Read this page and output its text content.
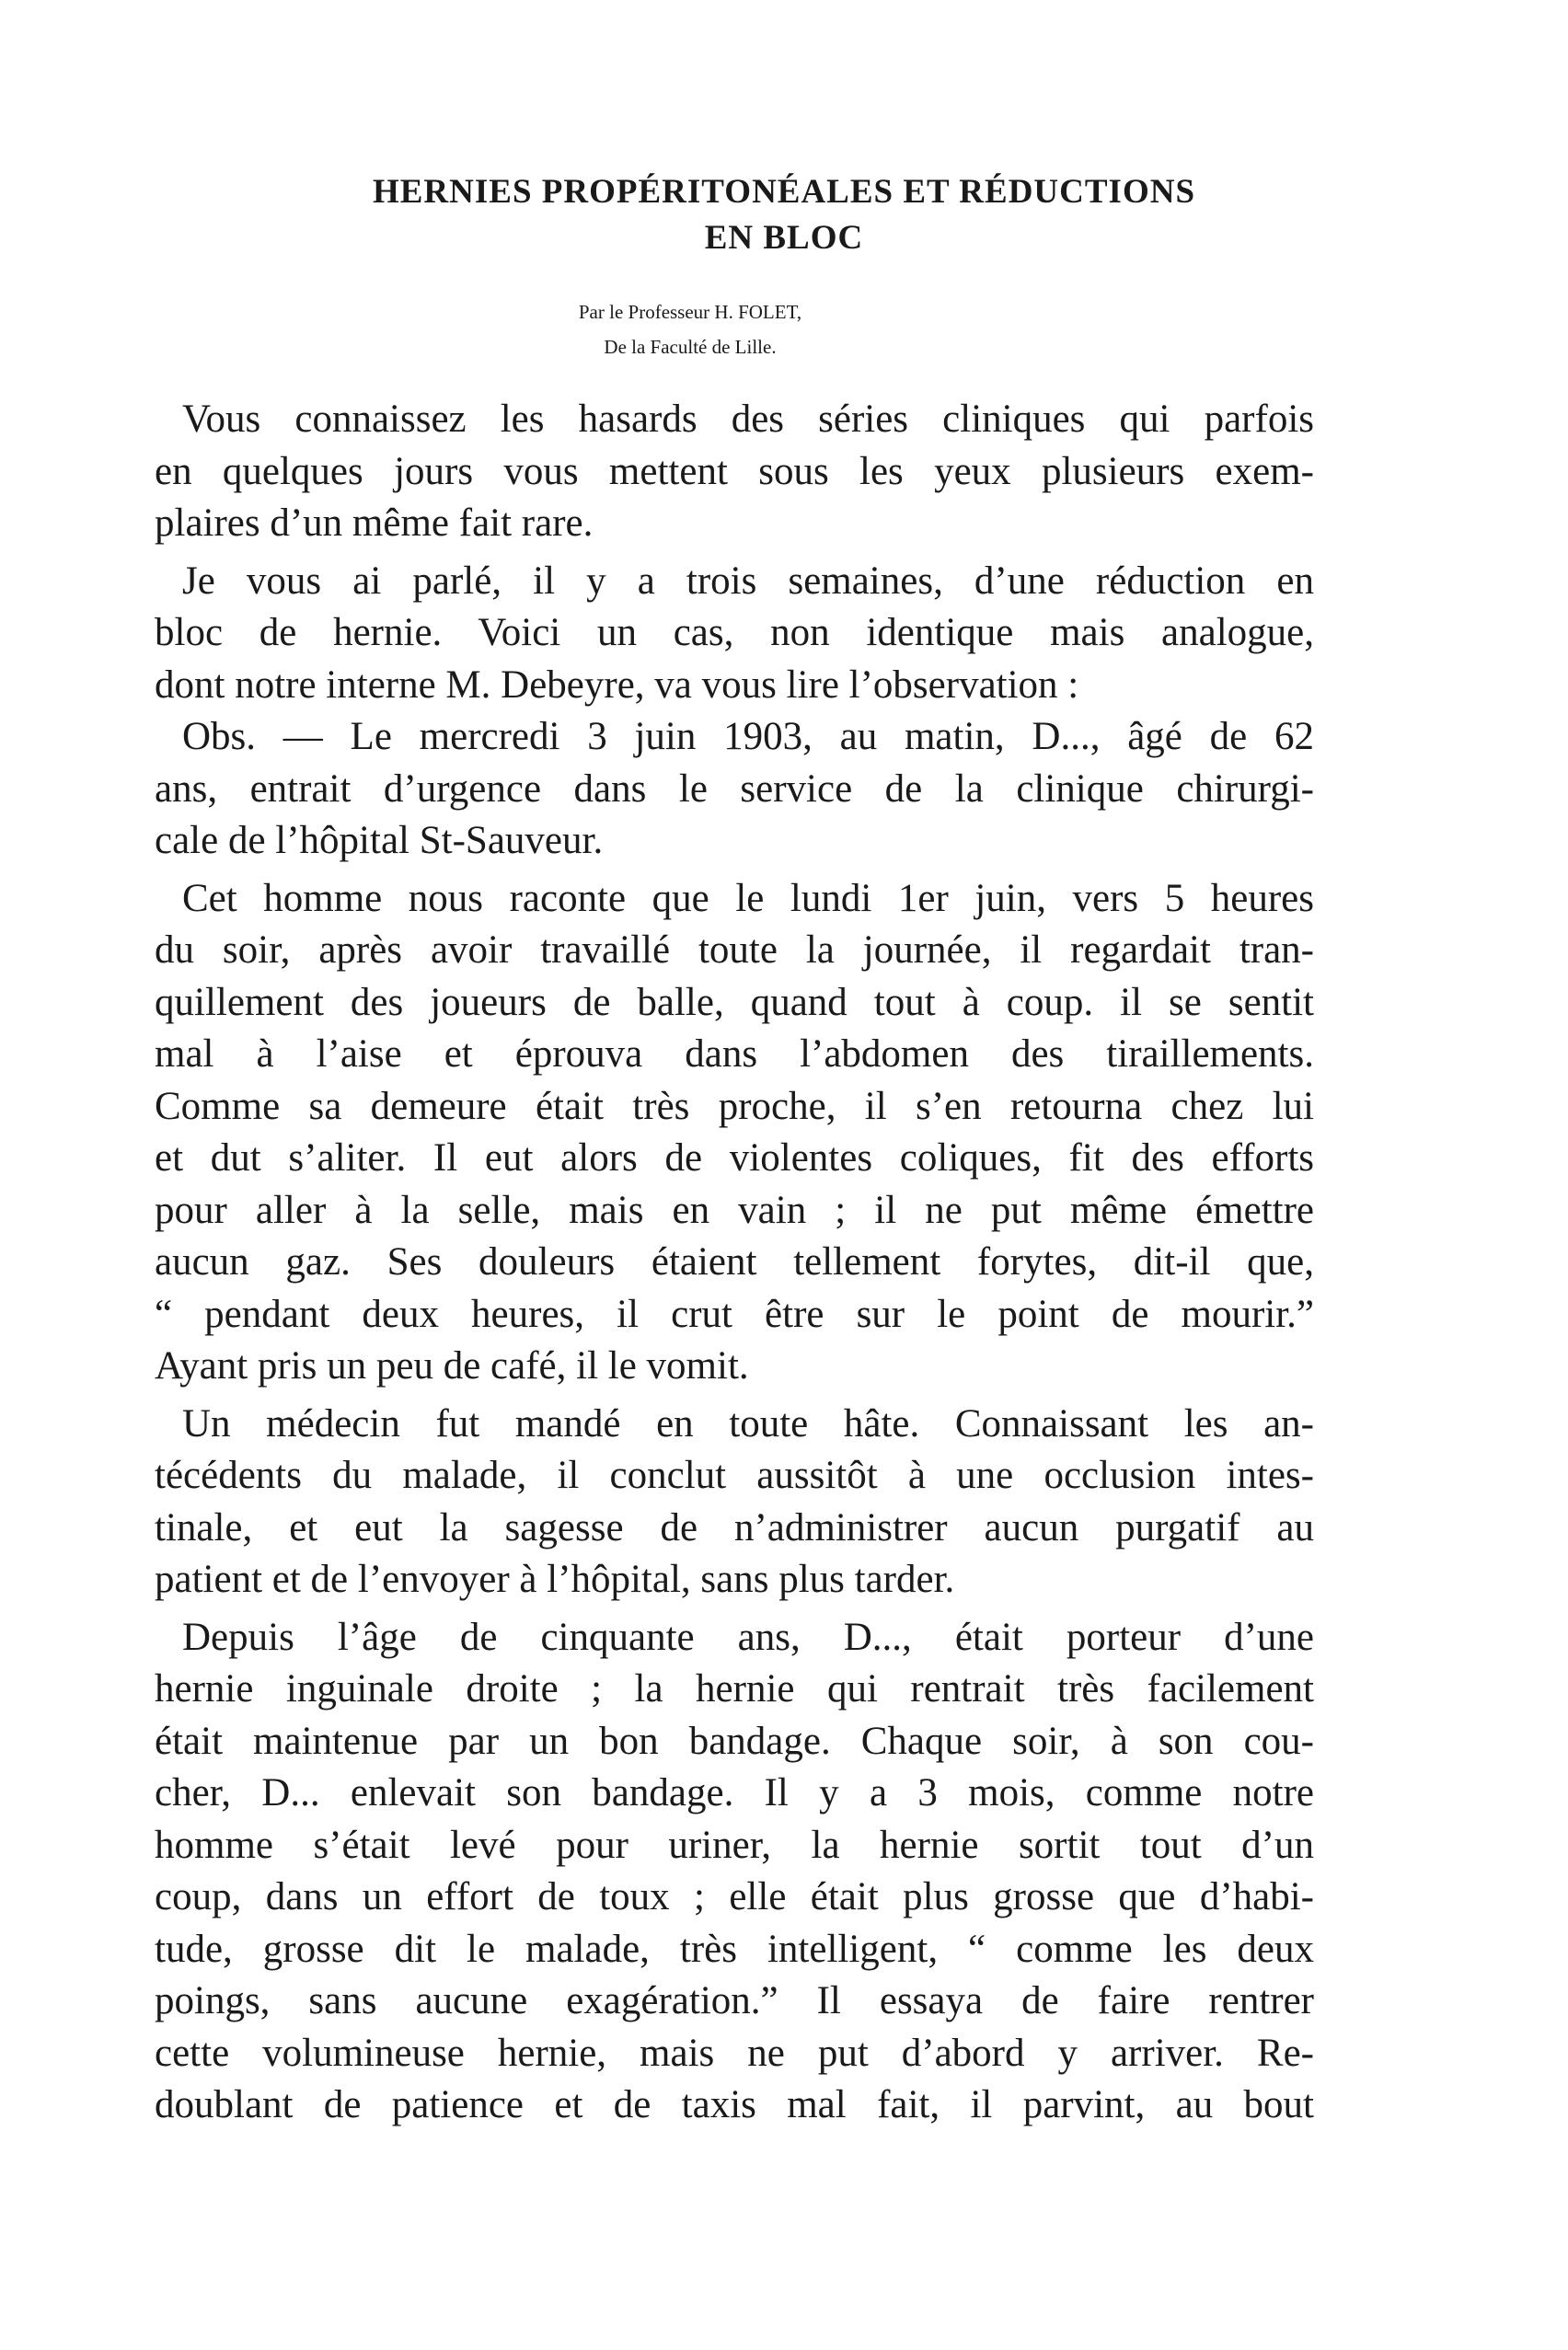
HERNIES PROPÉRITONÉALES ET RÉDUCTIONS
EN BLOC
Par le Professeur H. FOLET,
De la Faculté de Lille.
Vous connaissez les hasards des séries cliniques qui parfois
en quelques jours vous mettent sous les yeux plusieurs exem-
plaires d’un même fait rare.
Je vous ai parlé, il y a trois semaines, d’une réduction en
bloc de hernie. Voici un cas, non identique mais analogue,
dont notre interne M. Debeyre, va vous lire l’observation :
Obs. — Le mercredi 3 juin 1903, au matin, D..., âgé de 62
ans, entrait d’urgence dans le service de la clinique chirurgi-
cale de l’hôpital St-Sauveur.
Cet homme nous raconte que le lundi 1er juin, vers 5 heures
du soir, après avoir travaillé toute la journée, il regardait tran-
quillement des joueurs de balle, quand tout à coup. il se sentit
mal à l’aise et éprouva dans l’abdomen des tiraillements.
Comme sa demeure était très proche, il s’en retourna chez lui
et dut s’aliter. Il eut alors de violentes coliques, fit des efforts
pour aller à la selle, mais en vain ; il ne put même émettre
aucun gaz. Ses douleurs étaient tellement forytes, dit-il que,
“ pendant deux heures, il crut être sur le point de mourir.”
Ayant pris un peu de café, il le vomit.
Un médecin fut mandé en toute hâte. Connaissant les an-
técédents du malade, il conclut aussitôt à une occlusion intes-
tinale, et eut la sagesse de n’administrer aucun purgatif au
patient et de l’envoyer à l’hôpital, sans plus tarder.
Depuis l’âge de cinquante ans, D..., était porteur d’une
hernie inguinale droite ; la hernie qui rentrait très facilement
était maintenue par un bon bandage. Chaque soir, à son cou-
cher, D... enlevait son bandage. Il y a 3 mois, comme notre
homme s’était levé pour uriner, la hernie sortit tout d’un
coup, dans un effort de toux ; elle était plus grosse que d’habi-
tude, grosse dit le malade, très intelligent, “ comme les deux
poings, sans aucune exagération.” Il essaya de faire rentrer
cette volumineuse hernie, mais ne put d’abord y arriver. Re-
doublant de patience et de taxis mal fait, il parvint, au bout
